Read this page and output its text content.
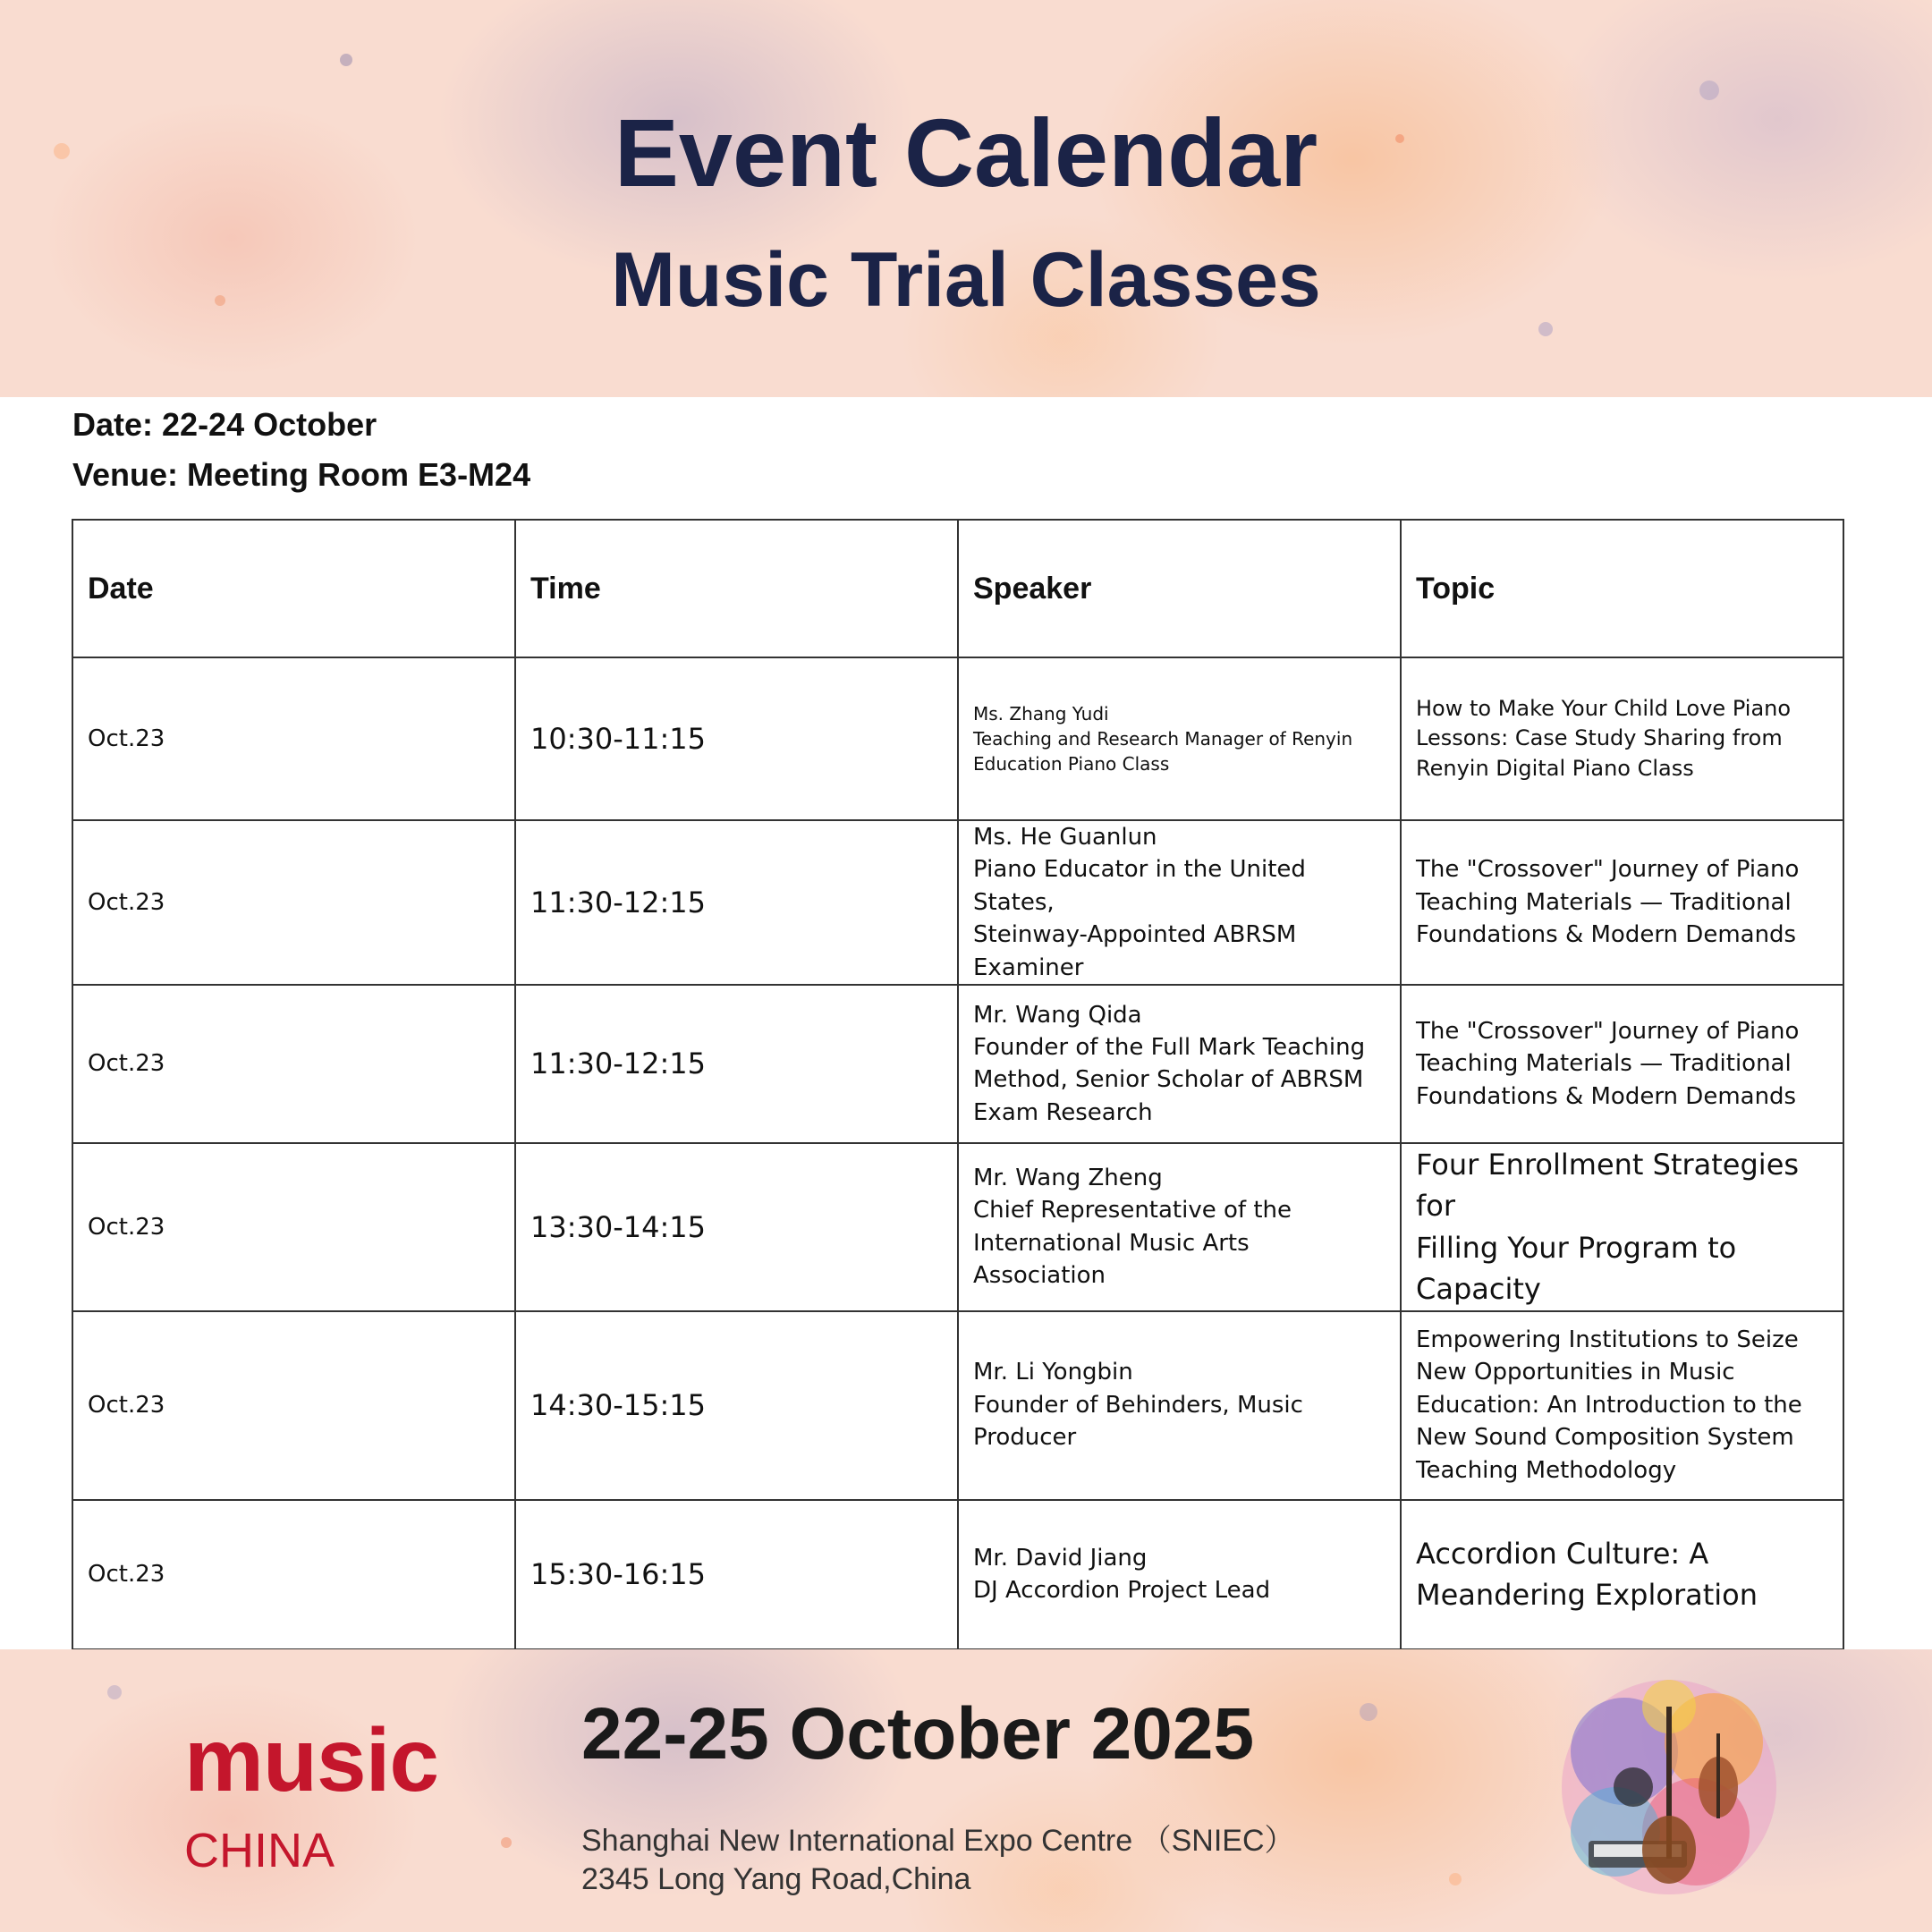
Event Calendar
Music Trial Classes
Date: 22-24 October
Venue: Meeting Room E3-M24
Date	Time	Speaker	Topic
Oct.23	10:30-11:15	Ms. Zhang Yudi
Teaching and Research Manager of Renyin
Education Piano Class	How to Make Your Child Love Piano
Lessons: Case Study Sharing from
Renyin Digital Piano Class

Oct.23	11:30-12:15	Ms. He Guanlun
Piano Educator in the United States,
Steinway-Appointed ABRSM
Examiner	The "Crossover" Journey of Piano
Teaching Materials — Traditional
Foundations & Modern Demands

Oct.23	11:30-12:15	Mr. Wang Qida
Founder of the Full Mark Teaching
Method, Senior Scholar of ABRSM
Exam Research	The "Crossover" Journey of Piano
Teaching Materials — Traditional
Foundations & Modern Demands

Oct.23	13:30-14:15	Mr. Wang Zheng
Chief Representative of the
International Music Arts Association	Four Enrollment Strategies for
Filling Your Program to
Capacity

Oct.23	14:30-15:15	Mr. Li Yongbin
Founder of Behinders, Music
Producer	Empowering Institutions to Seize
New Opportunities in Music
Education: An Introduction to the
New Sound Composition System
Teaching Methodology

Oct.23	15:30-16:15	Mr. David Jiang
DJ Accordion Project Lead	Accordion Culture: A
Meandering Exploration
music
CHINA
22-25 October 2025
Shanghai New International Expo Centre （SNIEC）
2345 Long Yang Road,China
